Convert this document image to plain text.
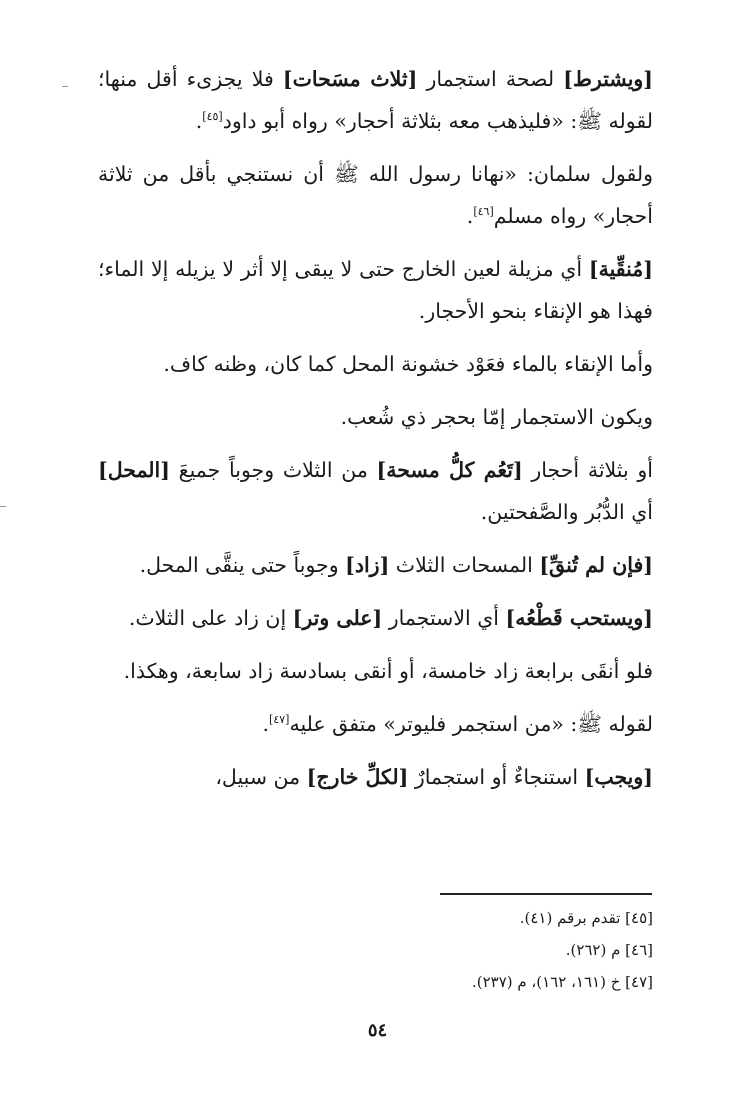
[ويشترط] لصحة استجمار [ثلاث مسَحات] فلا يجزىء أقل منها؛ لقوله ﷺ: «فليذهب معه بثلاثة أحجار» رواه أبو داود[٤٥].

ولقول سلمان: «نهانا رسول الله ﷺ أن نستنجي بأقل من ثلاثة أحجار» رواه مسلم[٤٦].

[مُنقِّية] أي مزيلة لعين الخارج حتى لا يبقى إلا أثر لا يزيله إلا الماء؛ فهذا هو الإنقاء بنحو الأحجار.

وأما الإنقاء بالماء فعَوْد خشونة المحل كما كان، وظنه كاف.

ويكون الاستجمار إمّا بحجر ذي شُعب.

أو بثلاثة أحجار [تَعُم كلُّ مسحة] من الثلاث وجوباً جميعَ [المحل] أي الدُّبُر والصَّفحتين.

[فإن لم تُنقِّ] المسحات الثلاث [زاد] وجوباً حتى ينقَّى المحل.

[ويستحب قَطْعُه] أي الاستجمار [على وتر] إن زاد على الثلاث.

فلو أنقَى برابعة زاد خامسة، أو أنقى بسادسة زاد سابعة، وهكذا.

لقوله ﷺ: «من استجمر فليوتر» متفق عليه[٤٧].

[ويجب] استنجاءٌ أو استجمارٌ [لكلِّ خارج] من سبيل،

[٤٥] تقدم برقم (٤١).

[٤٦] م (٢٦٢).

[٤٧] خ (١٦١، ١٦٢)، م (٢٣٧).

٥٤
